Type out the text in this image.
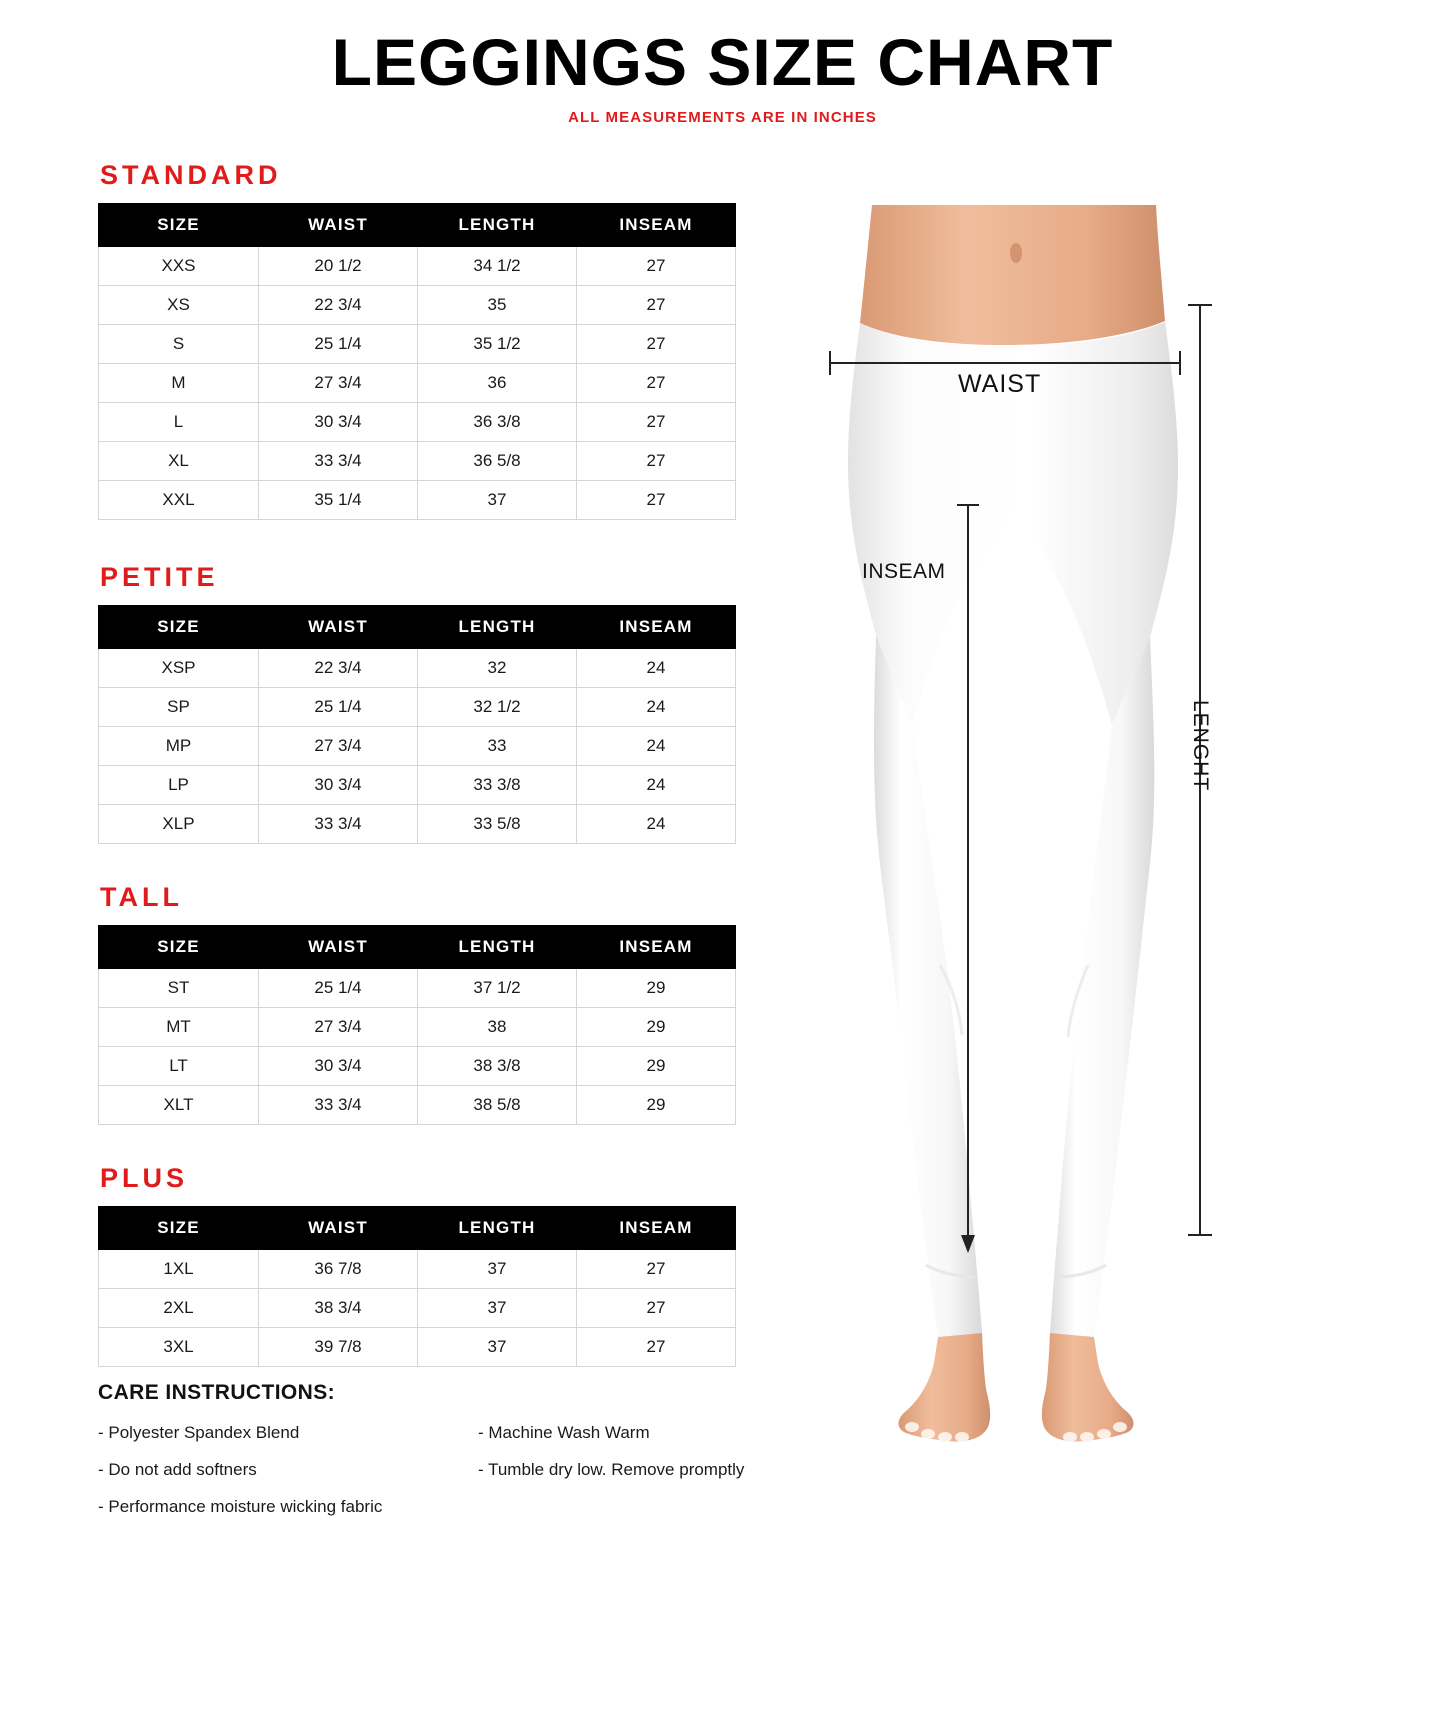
LEGGINGS SIZE CHART
ALL MEASUREMENTS ARE IN INCHES
STANDARD
SIZE	WAIST	LENGTH	INSEAM
XXS	20 1/2	34 1/2	27
XS	22 3/4	35	27
S	25 1/4	35 1/2	27
M	27 3/4	36	27
L	30 3/4	36 3/8	27
XL	33 3/4	36 5/8	27
XXL	35 1/4	37	27
PETITE
SIZE	WAIST	LENGTH	INSEAM
XSP	22 3/4	32	24
SP	25 1/4	32 1/2	24
MP	27 3/4	33	24
LP	30 3/4	33 3/8	24
XLP	33 3/4	33 5/8	24
TALL
SIZE	WAIST	LENGTH	INSEAM
ST	25 1/4	37 1/2	29
MT	27 3/4	38	29
LT	30 3/4	38 3/8	29
XLT	33 3/4	38 5/8	29
PLUS
SIZE	WAIST	LENGTH	INSEAM
1XL	36 7/8	37	27
2XL	38 3/4	37	27
3XL	39 7/8	37	27
CARE INSTRUCTIONS:
- Polyester Spandex Blend	- Machine Wash Warm
- Do not add softners	- Tumble dry low. Remove promptly
- Performance moisture wicking fabric
WAIST
INSEAM
LENGHT
